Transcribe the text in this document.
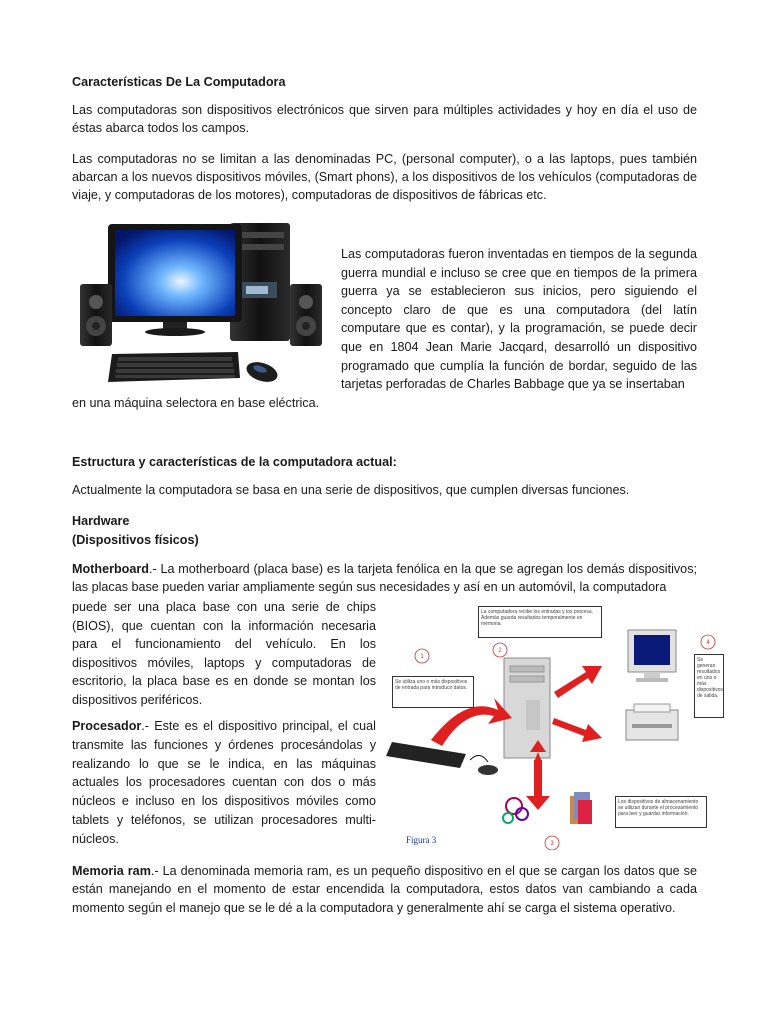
Características De La Computadora
Las computadoras son dispositivos electrónicos que sirven para múltiples actividades y hoy en día el uso de éstas abarca todos los campos.
Las computadoras no se limitan a las denominadas PC, (personal computer), o a las laptops, pues también abarcan a los nuevos dispositivos móviles, (Smart phons), a los dispositivos de los vehículos (computadoras de viaje, y computadoras de los motores), computadoras de dispositivos de fábricas etc.
Las computadoras fueron inventadas en tiempos de la segunda guerra mundial e incluso se cree que en tiempos de la primera guerra ya se establecieron sus inicios, pero siguiendo el concepto claro de que es una computadora (del latín computare que es contar), y la programación, se puede decir que en 1804 Jean Marie Jacqard, desarrolló un dispositivo programado que cumplía la función de bordar, seguido de las tarjetas perforadas de Charles Babbage que ya se insertaban
en una máquina selectora en base eléctrica.
Estructura y características de la computadora actual:
Actualmente la computadora se basa en una serie de dispositivos, que cumplen diversas funciones.
Hardware
(Dispositivos físicos)
Motherboard.- La motherboard (placa base) es la tarjeta fenólica en la que se agregan los demás dispositivos; las placas base pueden variar ampliamente según sus necesidades y así en un automóvil, la computadora
puede ser una placa base con una serie de chips (BIOS), que cuentan con la información necesaria para el funcionamiento del vehículo. En los dispositivos móviles, laptops y computadoras de escritorio, la placa base es en donde se montan los dispositivos periféricos.
Procesador.- Este es el dispositivo principal, el cual transmite las funciones y órdenes procesándolas y realizando lo que se le indica, en las máquinas actuales los procesadores cuentan con dos o más núcleos e incluso en los dispositivos móviles como tablets y teléfonos, se utilizan procesadores multi-núcleos.
1
2
3
4
La computadora recibe los entradas y los procesa. Además guarda resultados temporalmente en memoria.
Se utiliza uno o más dispositivos de entrada para introducir datos.
Se generan resultados en uno o más dispositivos de salida.
Los dispositivos de almacenamiento se utilizan durante el procesamiento para leer y guardar información.
Figura 3
Memoria ram.- La denominada memoria ram, es un pequeño dispositivo en el que se cargan los datos que se están manejando en el momento de estar encendida la computadora, estos datos van cambiando a cada momento según el manejo que se le dé a la computadora y generalmente ahí se carga el sistema operativo.
